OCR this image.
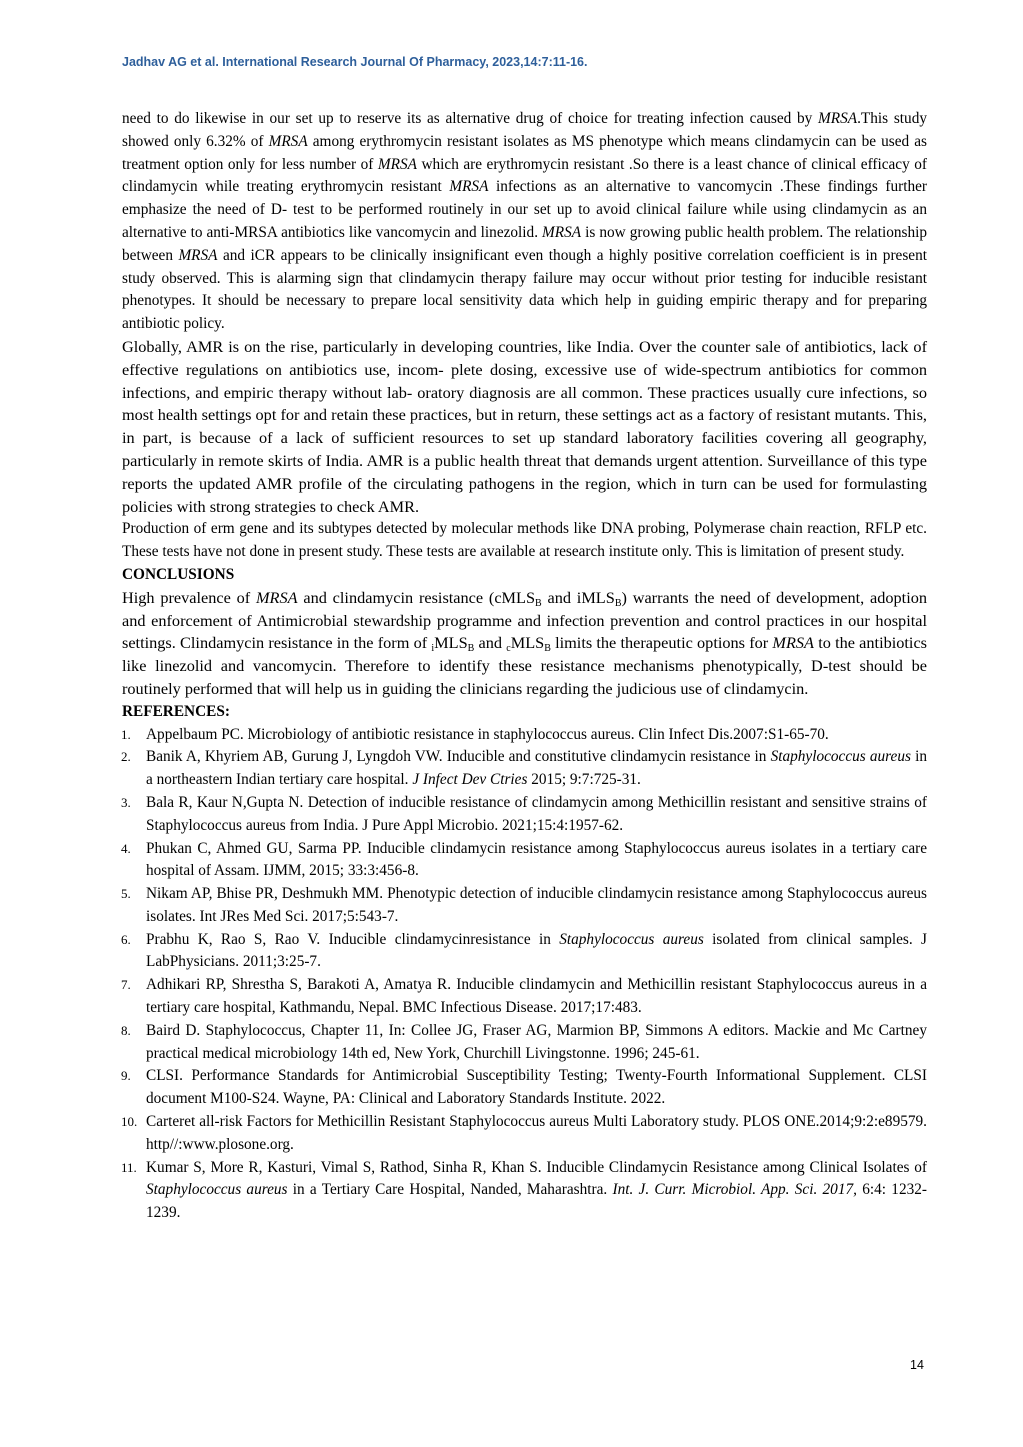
Jadhav AG et al. International Research Journal Of Pharmacy, 2023,14:7:11-16.

need to do likewise in our set up to reserve its as alternative drug of choice for treating infection caused by MRSA.This study showed only 6.32% of MRSA among erythromycin resistant isolates as MS phenotype which means clindamycin can be used as treatment option only for less number of MRSA which are erythromycin resistant .So there is a least chance of clinical efficacy of clindamycin while treating erythromycin resistant MRSA infections as an alternative to vancomycin .These findings further emphasize the need of D- test to be performed routinely in our set up to avoid clinical failure while using clindamycin as an alternative to anti-MRSA antibiotics like vancomycin and linezolid. MRSA is now growing public health problem. The relationship between MRSA and iCR appears to be clinically insignificant even though a highly positive correlation coefficient is in present study observed. This is alarming sign that clindamycin therapy failure may occur without prior testing for inducible resistant phenotypes. It should be necessary to prepare local sensitivity data which help in guiding empiric therapy and for preparing antibiotic policy.

Globally, AMR is on the rise, particularly in developing countries, like India. Over the counter sale of antibiotics, lack of effective regulations on antibiotics use, incom- plete dosing, excessive use of wide-spectrum antibiotics for common infections, and empiric therapy without lab- oratory diagnosis are all common. These practices usually cure infections, so most health settings opt for and retain these practices, but in return, these settings act as a factory of resistant mutants. This, in part, is because of a lack of sufficient resources to set up standard laboratory facilities covering all geography, particularly in remote skirts of India. AMR is a public health threat that demands urgent attention. Surveillance of this type reports the updated AMR profile of the circulating pathogens in the region, which in turn can be used for formulasting policies with strong strategies to check AMR.

Production of erm gene and its subtypes detected by molecular methods like DNA probing, Polymerase chain reaction, RFLP etc. These tests have not done in present study. These tests are available at research institute only. This is limitation of present study.

CONCLUSIONS

High prevalence of MRSA and clindamycin resistance (cMLS$_B$ and iMLS$_B$) warrants the need of development, adoption and enforcement of Antimicrobial stewardship programme and infection prevention and control practices in our hospital settings. Clindamycin resistance in the form of $_iMLS_B$ and $_cMLS_B$ limits the therapeutic options for MRSA to the antibiotics like linezolid and vancomycin. Therefore to identify these resistance mechanisms phenotypically, D-test should be routinely performed that will help us in guiding the clinicians regarding the judicious use of clindamycin.

REFERENCES:

1. Appelbaum PC. Microbiology of antibiotic resistance in staphylococcus aureus. Clin Infect Dis.2007:S1-65-70.
2. Banik A, Khyriem AB, Gurung J, Lyngdoh VW. Inducible and constitutive clindamycin resistance in Staphylococcus aureus in a northeastern Indian tertiary care hospital. J Infect Dev Ctries 2015; 9:7:725-31.
3. Bala R, Kaur N,Gupta N. Detection of inducible resistance of clindamycin among Methicillin resistant and sensitive strains of Staphylococcus aureus from India. J Pure Appl Microbio. 2021;15:4:1957-62.
4. Phukan C, Ahmed GU, Sarma PP. Inducible clindamycin resistance among Staphylococcus aureus isolates in a tertiary care hospital of Assam. IJMM, 2015; 33:3:456-8.
5. Nikam AP, Bhise PR, Deshmukh MM. Phenotypic detection of inducible clindamycin resistance among Staphylococcus aureus isolates. Int JRes Med Sci. 2017;5:543-7.
6. Prabhu K, Rao S, Rao V. Inducible clindamycinresistance in Staphylococcus aureus isolated from clinical samples. J LabPhysicians. 2011;3:25-7.
7. Adhikari RP, Shrestha S, Barakoti A, Amatya R. Inducible clindamycin and Methicillin resistant Staphylococcus aureus in a tertiary care hospital, Kathmandu, Nepal. BMC Infectious Disease. 2017;17:483.
8. Baird D. Staphylococcus, Chapter 11, In: Collee JG, Fraser AG, Marmion BP, Simmons A editors. Mackie and Mc Cartney practical medical microbiology 14th ed, New York, Churchill Livingstonne. 1996; 245-61.
9. CLSI. Performance Standards for Antimicrobial Susceptibility Testing; Twenty-Fourth Informational Supplement. CLSI document M100-S24. Wayne, PA: Clinical and Laboratory Standards Institute. 2022.
10. Carteret all-risk Factors for Methicillin Resistant Staphylococcus aureus Multi Laboratory study. PLOS ONE.2014;9:2:e89579. http//:www.plosone.org.
11. Kumar S, More R, Kasturi, Vimal S, Rathod, Sinha R, Khan S. Inducible Clindamycin Resistance among Clinical Isolates of Staphylococcus aureus in a Tertiary Care Hospital, Nanded, Maharashtra. Int. J. Curr. Microbiol. App. Sci. 2017, 6:4: 1232-1239.
14
